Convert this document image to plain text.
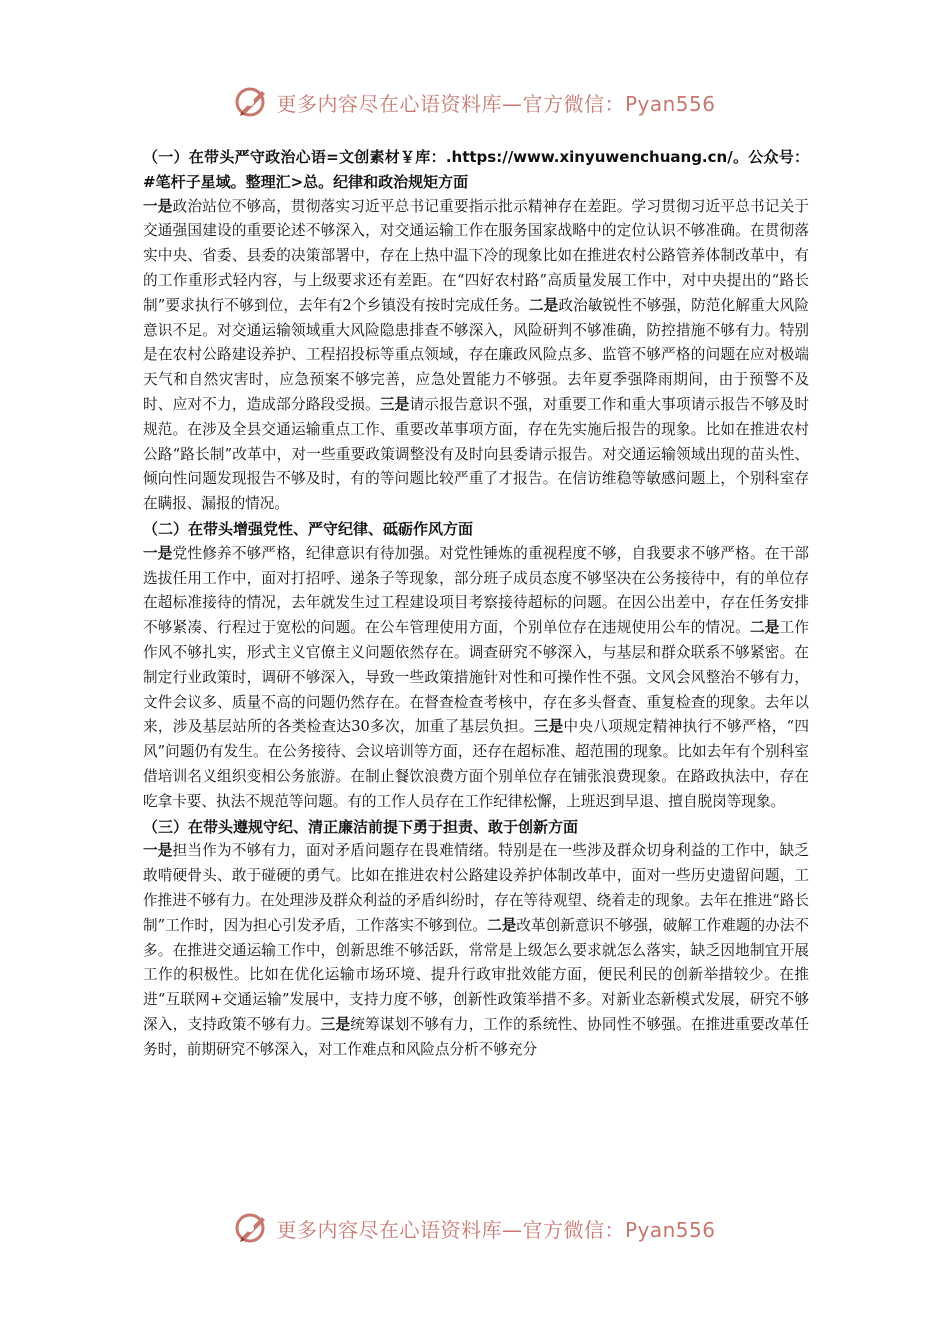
更多内容尽在心语资料库—官方微信：Pyan556

（一）在带头严守政治心语=文创素材￥库：.https://www.xinyuwenchuang.cn/。公众号：#笔杆子星域。整理汇>总。纪律和政治规矩方面

一是政治站位不够高，贯彻落实习近平总书记重要指示批示精神存在差距。学习贯彻习近平总书记关于交通强国建设的重要论述不够深入，对交通运输工作在服务国家战略中的定位认识不够准确。在贯彻落实中央、省委、县委的决策部署中，存在上热中温下冷的现象比如在推进农村公路管养体制改革中，有的工作重形式轻内容，与上级要求还有差距。在“四好农村路”高质量发展工作中，对中央提出的“路长制”要求执行不够到位，去年有2个乡镇没有按时完成任务。二是政治敏锐性不够强，防范化解重大风险意识不足。对交通运输领域重大风险隐患排查不够深入，风险研判不够准确，防控措施不够有力。特别是在农村公路建设养护、工程招投标等重点领域，存在廉政风险点多、监管不够严格的问题在应对极端天气和自然灾害时，应急预案不够完善，应急处置能力不够强。去年夏季强降雨期间，由于预警不及时、应对不力，造成部分路段受损。三是请示报告意识不强，对重要工作和重大事项请示报告不够及时规范。在涉及全县交通运输重点工作、重要改革事项方面，存在先实施后报告的现象。比如在推进农村公路“路长制”改革中，对一些重要政策调整没有及时向县委请示报告。对交通运输领域出现的苗头性、倾向性问题发现报告不够及时，有的等问题比较严重了才报告。在信访维稳等敏感问题上，个别科室存在瞒报、漏报的情况。

（二）在带头增强党性、严守纪律、砥砺作风方面

一是党性修养不够严格，纪律意识有待加强。对党性锤炼的重视程度不够，自我要求不够严格。在干部选拔任用工作中，面对打招呼、递条子等现象，部分班子成员态度不够坚决在公务接待中，有的单位存在超标准接待的情况，去年就发生过工程建设项目考察接待超标的问题。在因公出差中，存在任务安排不够紧凑、行程过于宽松的问题。在公车管理使用方面，个别单位存在违规使用公车的情况。二是工作作风不够扎实，形式主义官僚主义问题依然存在。调查研究不够深入，与基层和群众联系不够紧密。在制定行业政策时，调研不够深入，导致一些政策措施针对性和可操作性不强。文风会风整治不够有力，文件会议多、质量不高的问题仍然存在。在督查检查考核中，存在多头督查、重复检查的现象。去年以来，涉及基层站所的各类检查达30多次，加重了基层负担。三是中央八项规定精神执行不够严格，“四风”问题仍有发生。在公务接待、会议培训等方面，还存在超标准、超范围的现象。比如去年有个别科室借培训名义组织变相公务旅游。在制止餐饮浪费方面个别单位存在铺张浪费现象。在路政执法中，存在吃拿卡要、执法不规范等问题。有的工作人员存在工作纪律松懈，上班迟到早退、擅自脱岗等现象。

（三）在带头遵规守纪、清正廉洁前提下勇于担责、敢于创新方面

一是担当作为不够有力，面对矛盾问题存在畏难情绪。特别是在一些涉及群众切身利益的工作中，缺乏敢啃硬骨头、敢于碰硬的勇气。比如在推进农村公路建设养护体制改革中，面对一些历史遗留问题，工作推进不够有力。在处理涉及群众利益的矛盾纠纷时，存在等待观望、绕着走的现象。去年在推进“路长制”工作时，因为担心引发矛盾，工作落实不够到位。二是改革创新意识不够强，破解工作难题的办法不多。在推进交通运输工作中，创新思维不够活跃，常常是上级怎么要求就怎么落实，缺乏因地制宜开展工作的积极性。比如在优化运输市场环境、提升行政审批效能方面，便民利民的创新举措较少。在推进“互联网+交通运输”发展中，支持力度不够，创新性政策举措不多。对新业态新模式发展，研究不够深入，支持政策不够有力。三是统筹谋划不够有力，工作的系统性、协同性不够强。在推进重要改革任务时，前期研究不够深入，对工作难点和风险点分析不够充分

更多内容尽在心语资料库—官方微信：Pyan556
